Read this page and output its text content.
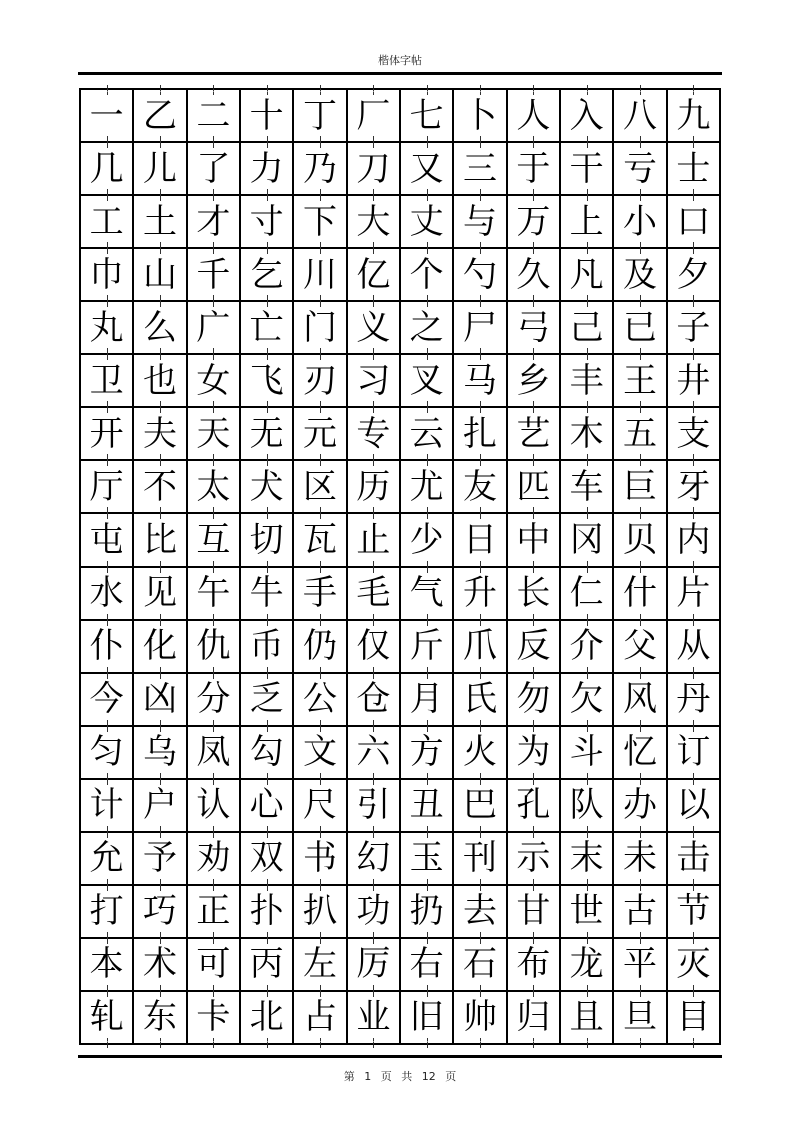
楷体字帖
一 乙 二 十 丁 厂 七 卜 人 入 八 九
几 儿 了 力 乃 刀 又 三 于 干 亏 士
工 土 才 寸 下 大 丈 与 万 上 小 口
巾 山 千 乞 川 亿 个 勺 久 凡 及 夕
丸 么 广 亡 门 义 之 尸 弓 己 已 子
卫 也 女 飞 刃 习 叉 马 乡 丰 王 井
开 夫 天 无 元 专 云 扎 艺 木 五 支
厅 不 太 犬 区 历 尤 友 匹 车 巨 牙
屯 比 互 切 瓦 止 少 日 中 冈 贝 内
水 见 午 牛 手 毛 气 升 长 仁 什 片
仆 化 仇 币 仍 仅 斤 爪 反 介 父 从
今 凶 分 乏 公 仓 月 氏 勿 欠 风 丹
匀 乌 凤 勾 文 六 方 火 为 斗 忆 订
计 户 认 心 尺 引 丑 巴 孔 队 办 以
允 予 劝 双 书 幻 玉 刊 示 末 未 击
打 巧 正 扑 扒 功 扔 去 甘 世 古 节
本 术 可 丙 左 厉 右 石 布 龙 平 灭
轧 东 卡 北 占 业 旧 帅 归 且 旦 目
第 1 页 共 12 页
